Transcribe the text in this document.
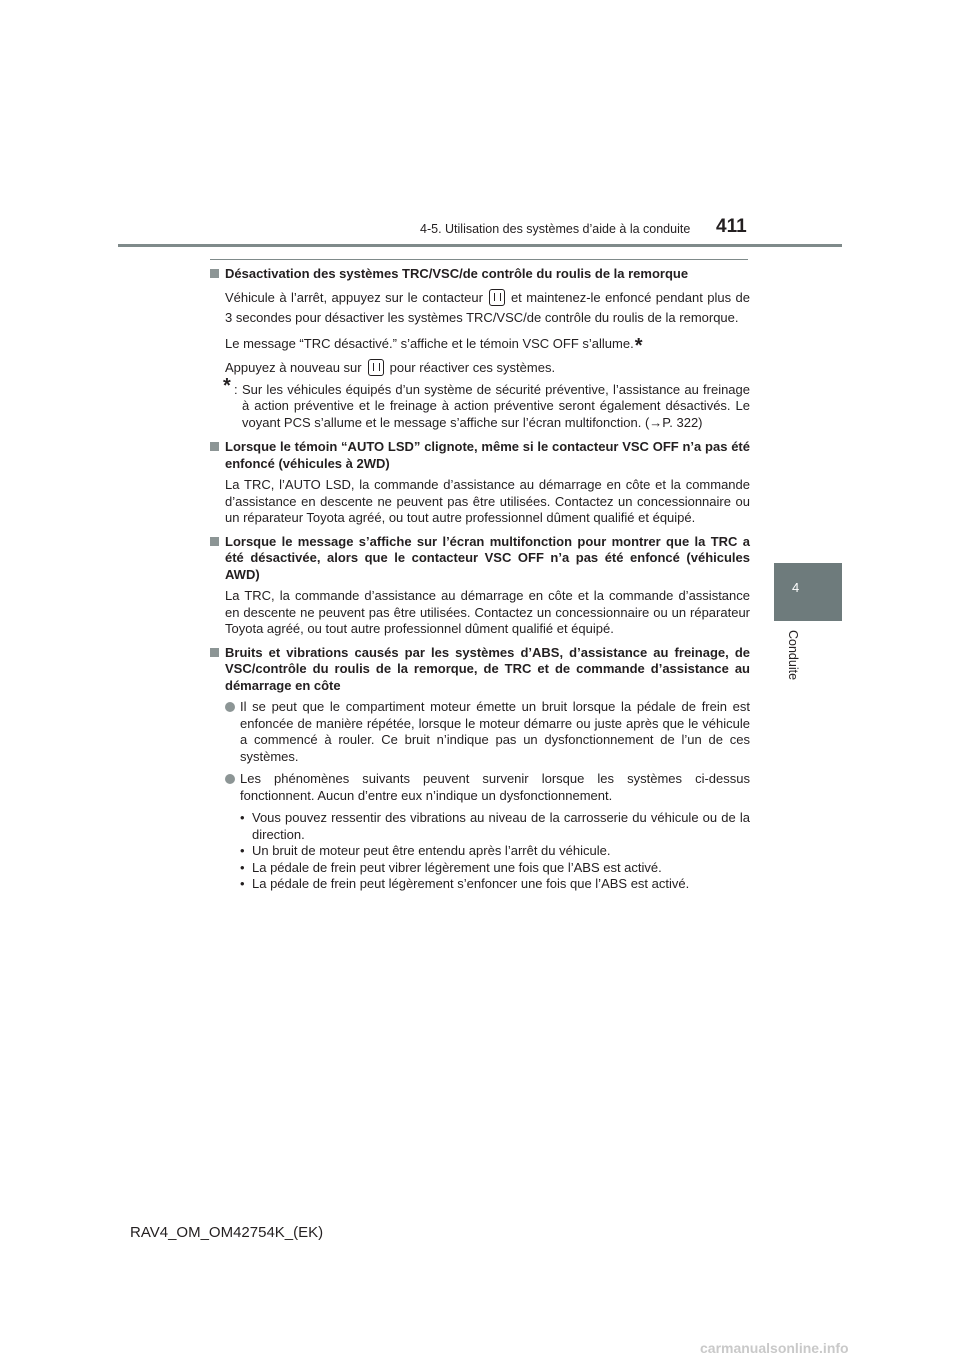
4-5. Utilisation des systèmes d’aide à la conduite	411
4
Conduite
Désactivation des systèmes TRC/VSC/de contrôle du roulis de la remorque
Véhicule à l’arrêt, appuyez sur le contacteur et maintenez-le enfoncé pendant plus de 3 secondes pour désactiver les systèmes TRC/VSC/de contrôle du roulis de la remorque.
Le message “TRC désactivé.” s’affiche et le témoin VSC OFF s’allume.*
Appuyez à nouveau sur pour réactiver ces systèmes.
* : Sur les véhicules équipés d’un système de sécurité préventive, l’assistance au freinage à action préventive et le freinage à action préventive seront également désactivés. Le voyant PCS s’allume et le message s’affiche sur l’écran multifonction. (→P. 322)
Lorsque le témoin “AUTO LSD” clignote, même si le contacteur VSC OFF n’a pas été enfoncé (véhicules à 2WD)
La TRC, l’AUTO LSD, la commande d’assistance au démarrage en côte et la commande d’assistance en descente ne peuvent pas être utilisées. Contactez un concessionnaire ou un réparateur Toyota agréé, ou tout autre professionnel dûment qualifié et équipé.
Lorsque le message s’affiche sur l’écran multifonction pour montrer que la TRC a été désactivée, alors que le contacteur VSC OFF n’a pas été enfoncé (véhicules AWD)
La TRC, la commande d’assistance au démarrage en côte et la commande d’assistance en descente ne peuvent pas être utilisées. Contactez un concessionnaire ou un réparateur Toyota agréé, ou tout autre professionnel dûment qualifié et équipé.
Bruits et vibrations causés par les systèmes d’ABS, d’assistance au freinage, de VSC/contrôle du roulis de la remorque, de TRC et de commande d’assistance au démarrage en côte
Il se peut que le compartiment moteur émette un bruit lorsque la pédale de frein est enfoncée de manière répétée, lorsque le moteur démarre ou juste après que le véhicule a commencé à rouler. Ce bruit n’indique pas un dysfonctionnement de l’un de ces systèmes.
Les phénomènes suivants peuvent survenir lorsque les systèmes ci-dessus fonctionnent. Aucun d’entre eux n’indique un dysfonctionnement.
• Vous pouvez ressentir des vibrations au niveau de la carrosserie du véhicule ou de la direction.
• Un bruit de moteur peut être entendu après l’arrêt du véhicule.
• La pédale de frein peut vibrer légèrement une fois que l’ABS est activé.
• La pédale de frein peut légèrement s’enfoncer une fois que l’ABS est activé.
RAV4_OM_OM42754K_(EK)
carmanualsonline.info
